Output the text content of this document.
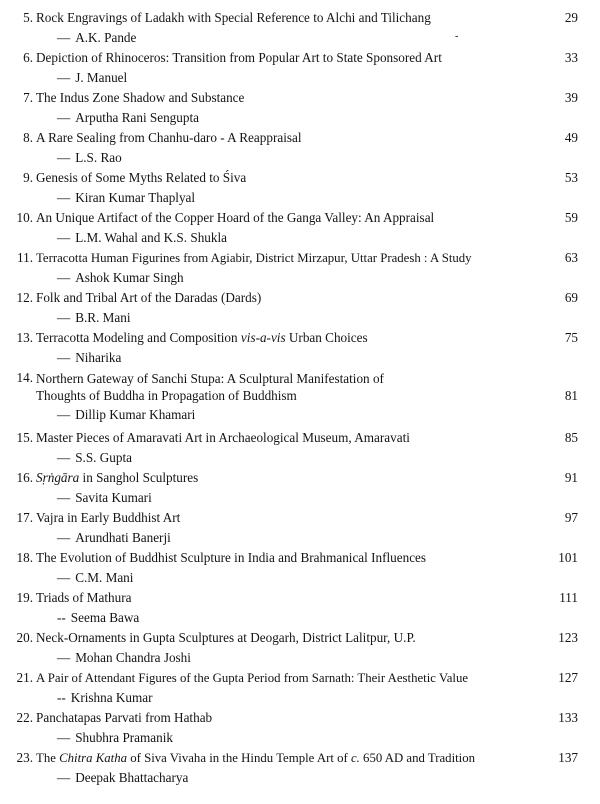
5. Rock Engravings of Ladakh with Special Reference to Alchi and Tilichang	29
— A.K. Pande	-
6. Depiction of Rhinoceros: Transition from Popular Art to State Sponsored Art	33
— J. Manuel
7. The Indus Zone Shadow and Substance	39
— Arputha Rani Sengupta
8. A Rare Sealing from Chanhu-daro - A Reappraisal	49
— L.S. Rao
9. Genesis of Some Myths Related to Śiva	53
— Kiran Kumar Thaplyal
10. An Unique Artifact of the Copper Hoard of the Ganga Valley: An Appraisal	59
— L.M. Wahal and K.S. Shukla
11. Terracotta Human Figurines from Agiabir, District Mirzapur, Uttar Pradesh : A Study	63
— Ashok Kumar Singh
12. Folk and Tribal Art of the Daradas (Dards)	69
— B.R. Mani
13. Terracotta Modeling and Composition vis-a-vis Urban Choices	75
— Niharika
14. Northern Gateway of Sanchi Stupa: A Sculptural Manifestation of Thoughts of Buddha in Propagation of Buddhism	81
— Dillip Kumar Khamari
15. Master Pieces of Amaravati Art in Archaeological Museum, Amaravati	85
— S.S. Gupta
16. Sṛṅgāra in Sanghol Sculptures	91
— Savita Kumari
17. Vajra in Early Buddhist Art	97
— Arundhati Banerji
18. The Evolution of Buddhist Sculpture in India and Brahmanical Influences	101
— C.M. Mani
19. Triads of Mathura	111
-- Seema Bawa
20. Neck-Ornaments in Gupta Sculptures at Deogarh, District Lalitpur, U.P.	123
— Mohan Chandra Joshi
21. A Pair of Attendant Figures of the Gupta Period from Sarnath: Their Aesthetic Value	127
-- Krishna Kumar
22. Panchatapas Parvati from Hathab	133
— Shubhra Pramanik
23. The Chitra Katha of Siva Vivaha in the Hindu Temple Art of c. 650 AD and Tradition	137
— Deepak Bhattacharya
